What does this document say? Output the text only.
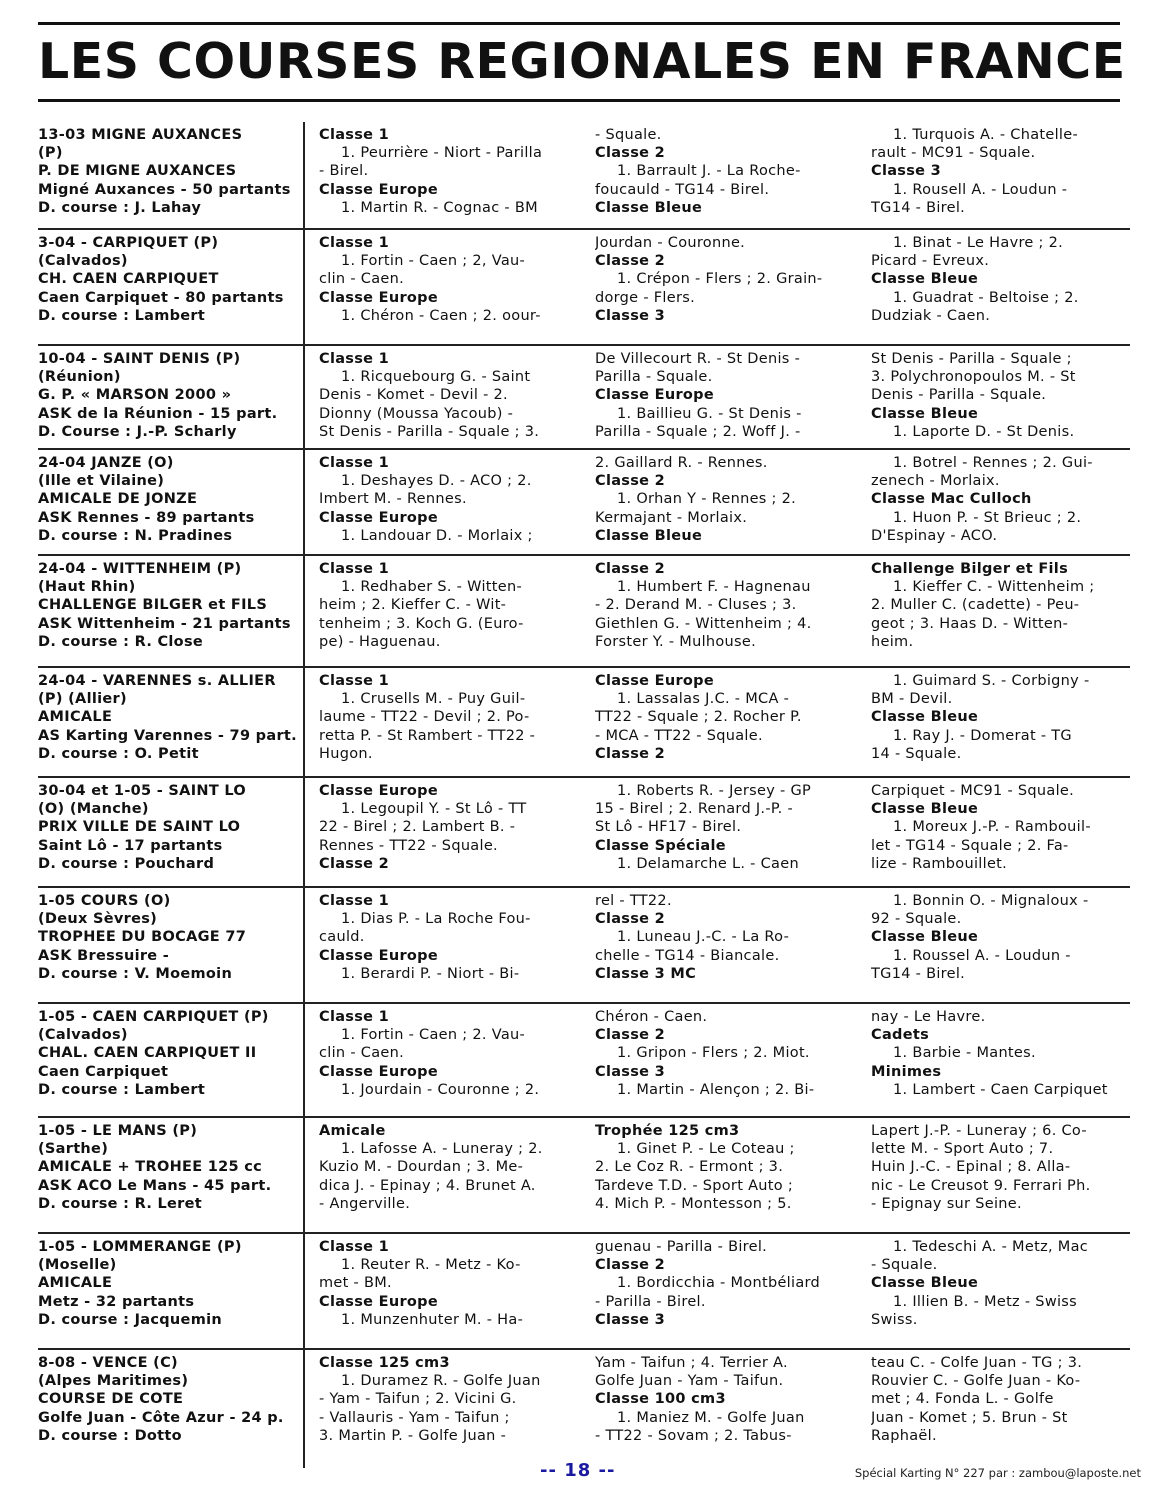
LES COURSES REGIONALES EN FRANCE
13-03 MIGNE AUXANCES
(P)
P. DE MIGNE AUXANCES
Migné Auxances - 50 partants
D. course : J. Lahay
Classe 1
1. Peurrière - Niort - Parilla
- Birel.
Classe Europe
1. Martin R. - Cognac - BM
- Squale.
Classe 2
1. Barrault J. - La Roche-
foucauld - TG14 - Birel.
Classe Bleue
1. Turquois A. - Chatelle-
rault - MC91 - Squale.
Classe 3
1. Rousell A. - Loudun -
TG14 - Birel.
3-04 - CARPIQUET (P)
(Calvados)
CH. CAEN CARPIQUET
Caen Carpiquet - 80 partants
D. course : Lambert
Classe 1
1. Fortin - Caen ; 2, Vau-
clin - Caen.
Classe Europe
1. Chéron - Caen ; 2. oour-
Jourdan - Couronne.
Classe 2
1. Crépon - Flers ; 2. Grain-
dorge - Flers.
Classe 3
1. Binat - Le Havre ; 2.
Picard - Evreux.
Classe Bleue
1. Guadrat - Beltoise ; 2.
Dudziak - Caen.
10-04 - SAINT DENIS (P)
(Réunion)
G. P. « MARSON 2000 »
ASK de la Réunion - 15 part.
D. Course : J.-P. Scharly
Classe 1
1. Ricquebourg G. - Saint
Denis - Komet - Devil - 2.
Dionny (Moussa Yacoub) -
St Denis - Parilla - Squale ; 3.
De Villecourt R. - St Denis -
Parilla - Squale.
Classe Europe
1. Baillieu G. - St Denis -
Parilla - Squale ; 2. Woff J. -
St Denis - Parilla - Squale ;
3. Polychronopoulos M. - St
Denis - Parilla - Squale.
Classe Bleue
1. Laporte D. - St Denis.
24-04 JANZE (O)
(Ille et Vilaine)
AMICALE DE JONZE
ASK Rennes - 89 partants
D. course : N. Pradines
Classe 1
1. Deshayes D. - ACO ; 2.
Imbert M. - Rennes.
Classe Europe
1. Landouar D. - Morlaix ;
2. Gaillard R. - Rennes.
Classe 2
1. Orhan Y - Rennes ; 2.
Kermajant - Morlaix.
Classe Bleue
1. Botrel - Rennes ; 2. Gui-
zenech - Morlaix.
Classe Mac Culloch
1. Huon P. - St Brieuc ; 2.
D'Espinay - ACO.
24-04 - WITTENHEIM (P)
(Haut Rhin)
CHALLENGE BILGER et FILS
ASK Wittenheim - 21 partants
D. course : R. Close
Classe 1
1. Redhaber S. - Witten-
heim ; 2. Kieffer C. - Wit-
tenheim ; 3. Koch G. (Euro-
pe) - Haguenau.
Classe 2
1. Humbert F. - Hagnenau
- 2. Derand M. - Cluses ; 3.
Giethlen G. - Wittenheim ; 4.
Forster Y. - Mulhouse.
Challenge Bilger et Fils
1. Kieffer C. - Wittenheim ;
2. Muller C. (cadette) - Peu-
geot ; 3. Haas D. - Witten-
heim.
24-04 - VARENNES s. ALLIER
(P) (Allier)
AMICALE
AS Karting Varennes - 79 part.
D. course : O. Petit
Classe 1
1. Crusells M. - Puy Guil-
laume - TT22 - Devil ; 2. Po-
retta P. - St Rambert - TT22 -
Hugon.
Classe Europe
1. Lassalas J.C. - MCA -
TT22 - Squale ; 2. Rocher P.
- MCA - TT22 - Squale.
Classe 2
1. Guimard S. - Corbigny -
BM - Devil.
Classe Bleue
1. Ray J. - Domerat - TG
14 - Squale.
30-04 et 1-05 - SAINT LO
(O) (Manche)
PRIX VILLE DE SAINT LO
Saint Lô - 17 partants
D. course : Pouchard
Classe Europe
1. Legoupil Y. - St Lô - TT
22 - Birel ; 2. Lambert B. -
Rennes - TT22 - Squale.
Classe 2
1. Roberts R. - Jersey - GP
15 - Birel ; 2. Renard J.-P. -
St Lô - HF17 - Birel.
Classe Spéciale
1. Delamarche L. - Caen
Carpiquet - MC91 - Squale.
Classe Bleue
1. Moreux J.-P. - Rambouil-
let - TG14 - Squale ; 2. Fa-
lize - Rambouillet.
1-05 COURS (O)
(Deux Sèvres)
TROPHEE DU BOCAGE 77
ASK Bressuire -
D. course : V. Moemoin
Classe 1
1. Dias P. - La Roche Fou-
cauld.
Classe Europe
1. Berardi P. - Niort - Bi-
rel - TT22.
Classe 2
1. Luneau J.-C. - La Ro-
chelle - TG14 - Biancale.
Classe 3 MC
1. Bonnin O. - Mignaloux -
92 - Squale.
Classe Bleue
1. Roussel A. - Loudun -
TG14 - Birel.
1-05 - CAEN CARPIQUET (P)
(Calvados)
CHAL. CAEN CARPIQUET II
Caen Carpiquet
D. course : Lambert
Classe 1
1. Fortin - Caen ; 2. Vau-
clin - Caen.
Classe Europe
1. Jourdain - Couronne ; 2.
Chéron - Caen.
Classe 2
1. Gripon - Flers ; 2. Miot.
Classe 3
1. Martin - Alençon ; 2. Bi-
nay - Le Havre.
Cadets
1. Barbie - Mantes.
Minimes
1. Lambert - Caen Carpiquet
1-05 - LE MANS (P)
(Sarthe)
AMICALE + TROHEE 125 cc
ASK ACO Le Mans - 45 part.
D. course : R. Leret
Amicale
1. Lafosse A. - Luneray ; 2.
Kuzio M. - Dourdan ; 3. Me-
dica J. - Epinay ; 4. Brunet A.
- Angerville.
Trophée 125 cm3
1. Ginet P. - Le Coteau ;
2. Le Coz R. - Ermont ; 3.
Tardeve T.D. - Sport Auto ;
4. Mich P. - Montesson ; 5.
Lapert J.-P. - Luneray ; 6. Co-
lette M. - Sport Auto ; 7.
Huin J.-C. - Epinal ; 8. Alla-
nic - Le Creusot 9. Ferrari Ph.
- Epignay sur Seine.
1-05 - LOMMERANGE (P)
(Moselle)
AMICALE
Metz - 32 partants
D. course : Jacquemin
Classe 1
1. Reuter R. - Metz - Ko-
met - BM.
Classe Europe
1. Munzenhuter M. - Ha-
guenau - Parilla - Birel.
Classe 2
1. Bordicchia - Montbéliard
- Parilla - Birel.
Classe 3
1. Tedeschi A. - Metz, Mac
- Squale.
Classe Bleue
1. Illien B. - Metz - Swiss
Swiss.
8-08 - VENCE (C)
(Alpes Maritimes)
COURSE DE COTE
Golfe Juan - Côte Azur - 24 p.
D. course : Dotto
Classe 125 cm3
1. Duramez R. - Golfe Juan
- Yam - Taifun ; 2. Vicini G.
- Vallauris - Yam - Taifun ;
3. Martin P. - Golfe Juan -
Yam - Taifun ; 4. Terrier A.
Golfe Juan - Yam - Taifun.
Classe 100 cm3
1. Maniez M. - Golfe Juan
- TT22 - Sovam ; 2. Tabus-
teau C. - Colfe Juan - TG ; 3.
Rouvier C. - Golfe Juan - Ko-
met ; 4. Fonda L. - Golfe
Juan - Komet ; 5. Brun - St
Raphaël.
-- 18 --	Spécial Karting N° 227 par : zambou@laposte.net
